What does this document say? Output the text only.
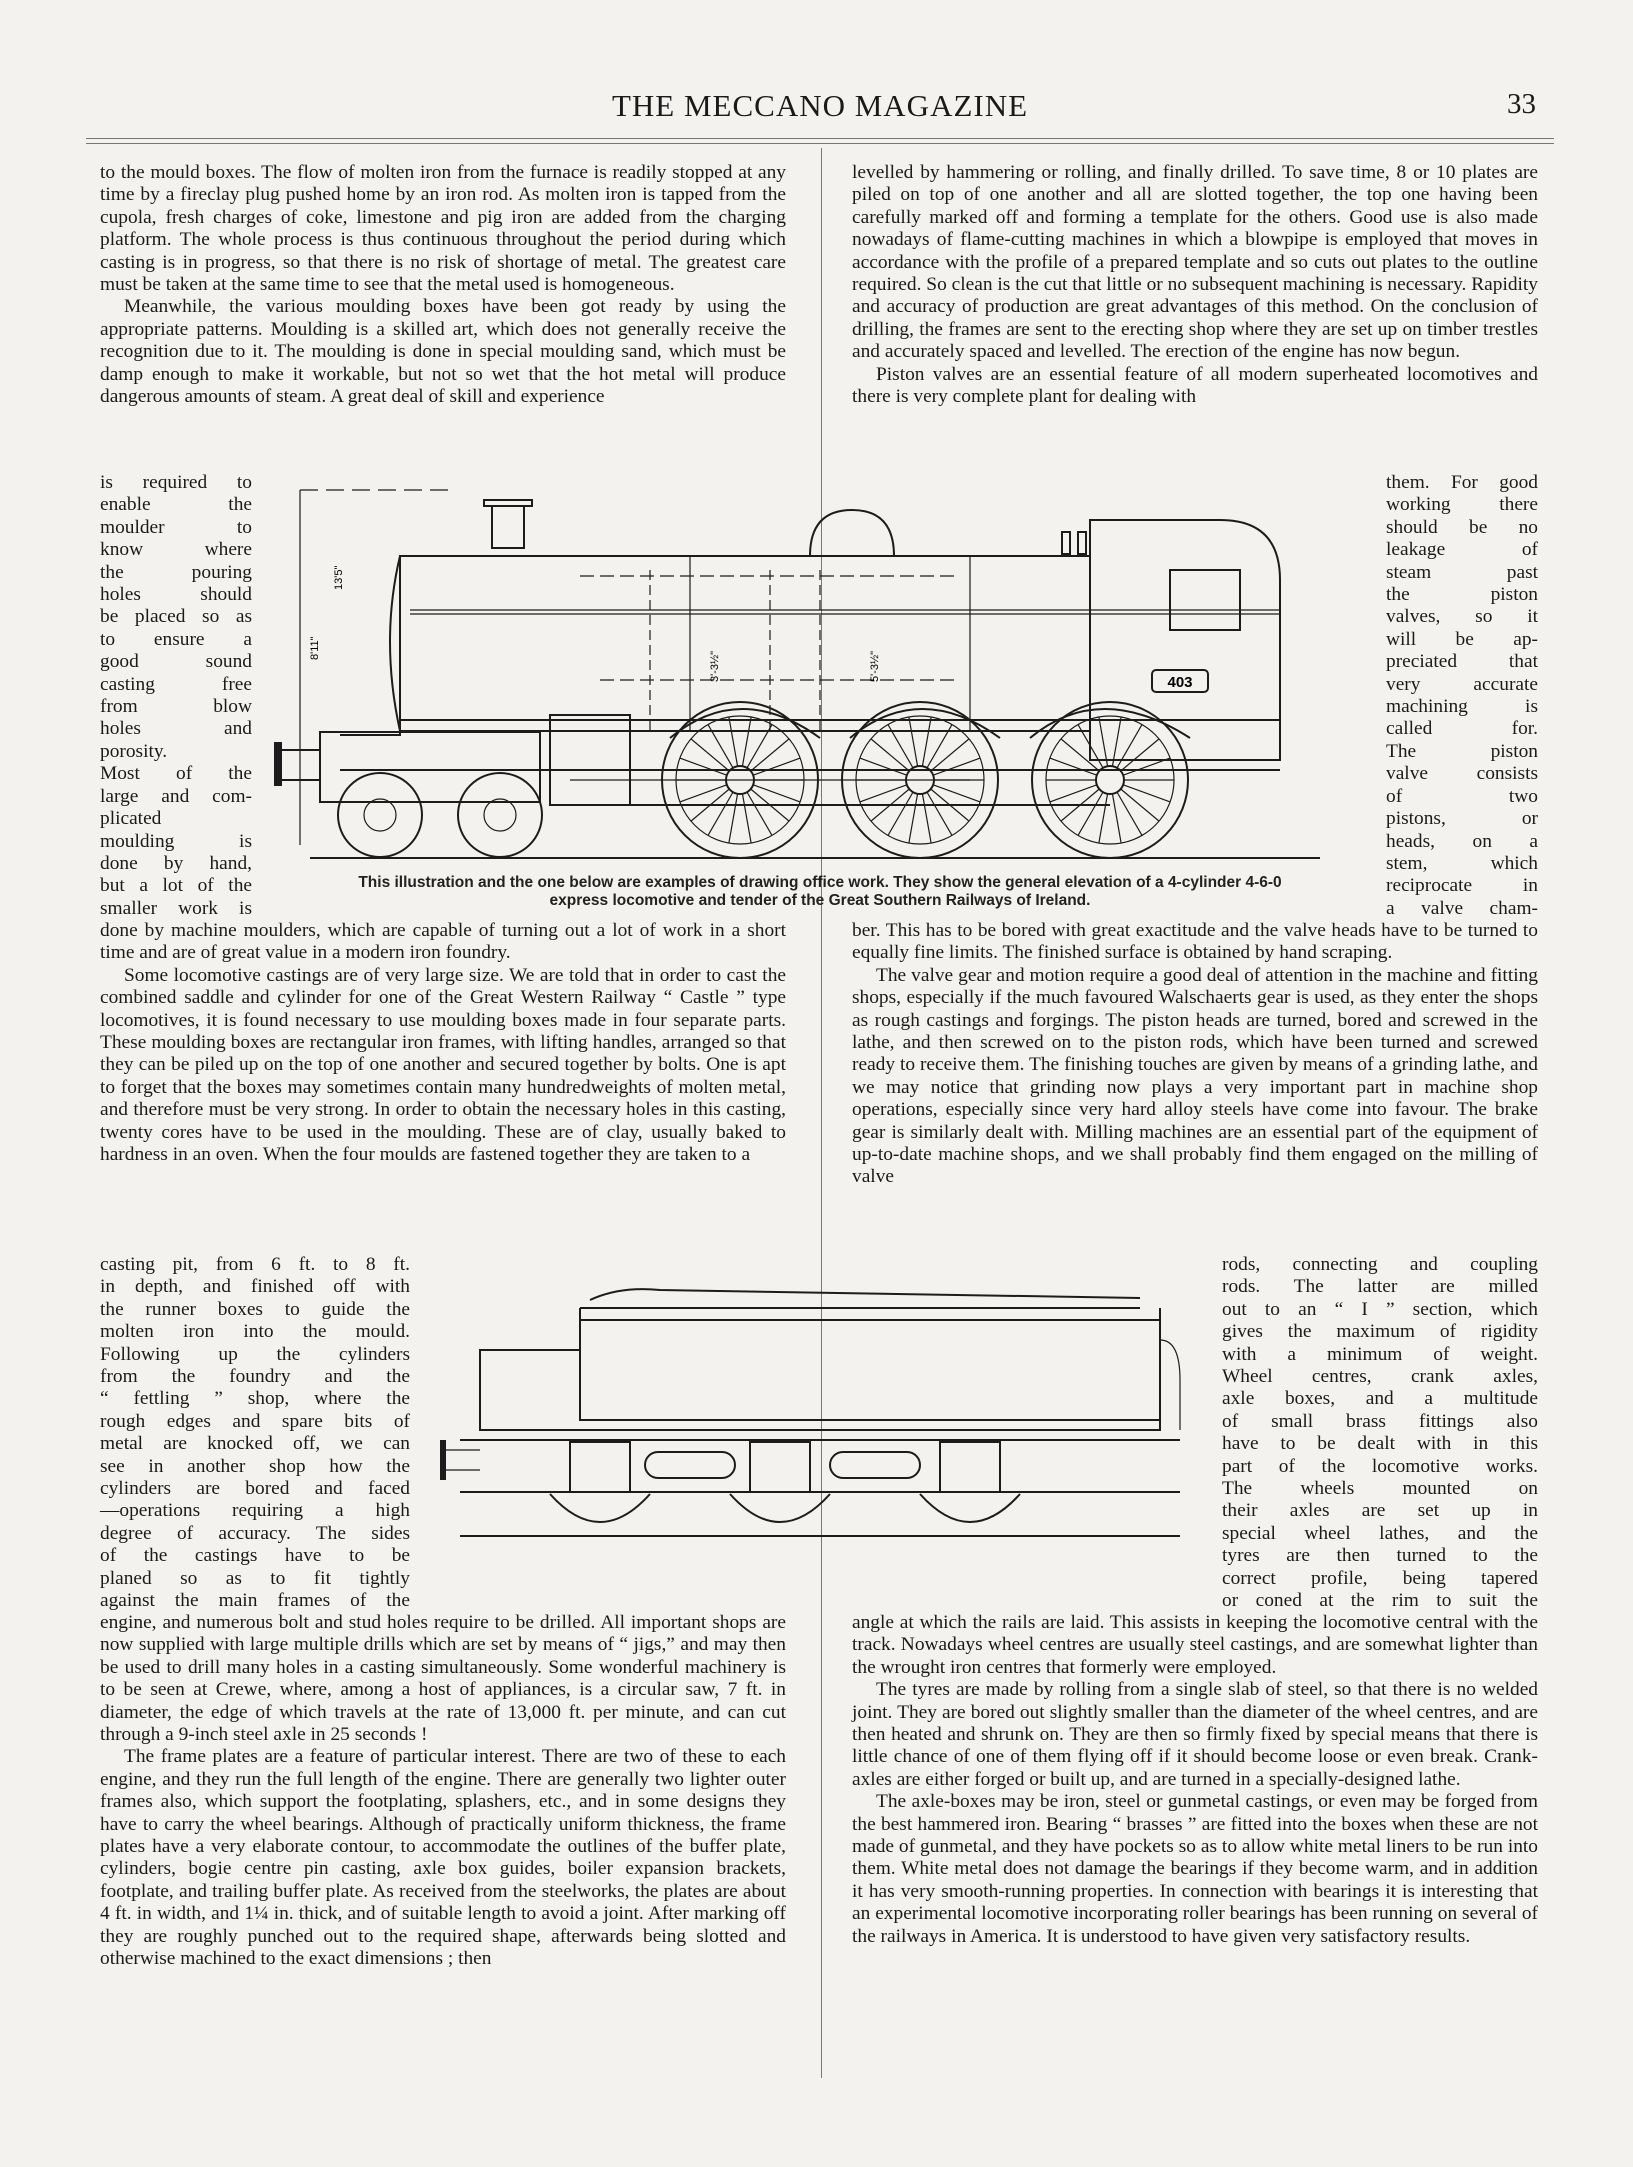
THE MECCANO MAGAZINE	33

to the mould boxes. The flow of molten iron from the furnace is readily stopped at any time by a fireclay plug pushed home by an iron rod. As molten iron is tapped from the cupola, fresh charges of coke, limestone and pig iron are added from the charging platform. The whole process is thus continuous throughout the period during which casting is in progress, so that there is no risk of shortage of metal. The greatest care must be taken at the same time to see that the metal used is homogeneous.

Meanwhile, the various moulding boxes have been got ready by using the appropriate patterns. Moulding is a skilled art, which does not generally receive the recognition due to it. The moulding is done in special moulding sand, which must be damp enough to make it workable, but not so wet that the hot metal will produce dangerous amounts of steam. A great deal of skill and experience

is required to
enable the
moulder to
know where
the pouring
holes should
be placed so as
to ensure a
good sound
casting free
from blow
holes and
porosity.
Most of the
large and com-
plicated
moulding is
done by hand,
but a lot of the
smaller work is

done by machine moulders, which are capable of turning out a lot of work in a short time and are of great value in a modern iron foundry.

Some locomotive castings are of very large size. We are told that in order to cast the combined saddle and cylinder for one of the Great Western Railway “ Castle ” type locomotives, it is found necessary to use moulding boxes made in four separate parts. These moulding boxes are rectangular iron frames, with lifting handles, arranged so that they can be piled up on the top of one another and secured together by bolts. One is apt to forget that the boxes may sometimes contain many hundredweights of molten metal, and therefore must be very strong. In order to obtain the necessary holes in this casting, twenty cores have to be used in the moulding. These are of clay, usually baked to hardness in an oven. When the four moulds are fastened together they are taken to a

casting pit, from 6 ft. to 8 ft.
in depth, and finished off with
the runner boxes to guide the
molten iron into the mould.
Following up the cylinders
from the foundry and the
“ fettling ” shop, where the
rough edges and spare bits of
metal are knocked off, we can
see in another shop how the
cylinders are bored and faced
—operations requiring a high
degree of accuracy. The sides
of the castings have to be
planed so as to fit tightly
against the main frames of the

engine, and numerous bolt and stud holes require to be drilled. All important shops are now supplied with large multiple drills which are set by means of “ jigs,” and may then be used to drill many holes in a casting simultaneously. Some wonderful machinery is to be seen at Crewe, where, among a host of appliances, is a circular saw, 7 ft. in diameter, the edge of which travels at the rate of 13,000 ft. per minute, and can cut through a 9-inch steel axle in 25 seconds !

The frame plates are a feature of particular interest. There are two of these to each engine, and they run the full length of the engine. There are generally two lighter outer frames also, which support the footplating, splashers, etc., and in some designs they have to carry the wheel bearings. Although of practically uniform thickness, the frame plates have a very elaborate contour, to accommodate the outlines of the buffer plate, cylinders, bogie centre pin casting, axle box guides, boiler expansion brackets, footplate, and trailing buffer plate. As received from the steelworks, the plates are about 4 ft. in width, and 1¼ in. thick, and of suitable length to avoid a joint. After marking off they are roughly punched out to the required shape, afterwards being slotted and otherwise machined to the exact dimensions ; then

levelled by hammering or rolling, and finally drilled. To save time, 8 or 10 plates are piled on top of one another and all are slotted together, the top one having been carefully marked off and forming a template for the others. Good use is also made nowadays of flame-cutting machines in which a blowpipe is employed that moves in accordance with the profile of a prepared template and so cuts out plates to the outline required. So clean is the cut that little or no subsequent machining is necessary. Rapidity and accuracy of production are great advantages of this method. On the conclusion of drilling, the frames are sent to the erecting shop where they are set up on timber trestles and accurately spaced and levelled. The erection of the engine has now begun.

Piston valves are an essential feature of all modern superheated locomotives and there is very complete plant for dealing with

them. For good
working there
should be no
leakage of
steam past
the piston
valves, so it
will be ap-
preciated that
very accurate
machining is
called for.
The piston
valve consists
of two
pistons, or
heads, on a
stem, which
reciprocate in
a valve cham-

ber. This has to be bored with great exactitude and the valve heads have to be turned to equally fine limits. The finished surface is obtained by hand scraping.

The valve gear and motion require a good deal of attention in the machine and fitting shops, especially if the much favoured Walschaerts gear is used, as they enter the shops as rough castings and forgings. The piston heads are turned, bored and screwed in the lathe, and then screwed on to the piston rods, which have been turned and screwed ready to receive them. The finishing touches are given by means of a grinding lathe, and we may notice that grinding now plays a very important part in machine shop operations, especially since very hard alloy steels have come into favour. The brake gear is similarly dealt with. Milling machines are an essential part of the equipment of up-to-date machine shops, and we shall probably find them engaged on the milling of valve

rods, connecting and coupling
rods. The latter are milled
out to an “ I ” section, which
gives the maximum of rigidity
with a minimum of weight.
Wheel centres, crank axles,
axle boxes, and a multitude
of small brass fittings also
have to be dealt with in this
part of the locomotive works.
The wheels mounted on
their axles are set up in
special wheel lathes, and the
tyres are then turned to the
correct profile, being tapered
or coned at the rim to suit the

angle at which the rails are laid. This assists in keeping the locomotive central with the track. Nowadays wheel centres are usually steel castings, and are somewhat lighter than the wrought iron centres that formerly were employed.

The tyres are made by rolling from a single slab of steel, so that there is no welded joint. They are bored out slightly smaller than the diameter of the wheel centres, and are then heated and shrunk on. They are then so firmly fixed by special means that there is little chance of one of them flying off if it should become loose or even break. Crank-axles are either forged or built up, and are turned in a specially-designed lathe.

The axle-boxes may be iron, steel or gunmetal castings, or even may be forged from the best hammered iron. Bearing “ brasses ” are fitted into the boxes when these are not made of gunmetal, and they have pockets so as to allow white metal liners to be run into them. White metal does not damage the bearings if they become warm, and in addition it has very smooth-running properties. In connection with bearings it is interesting that an experimental locomotive incorporating roller bearings has been running on several of the railways in America. It is understood to have given very satisfactory results.

3'-3½"	5'-3½"
13'5"
8'11"
403
This illustration and the one below are examples of drawing office work. They show the general elevation of a 4-cylinder 4-6-0
express locomotive and tender of the Great Southern Railways of Ireland.
